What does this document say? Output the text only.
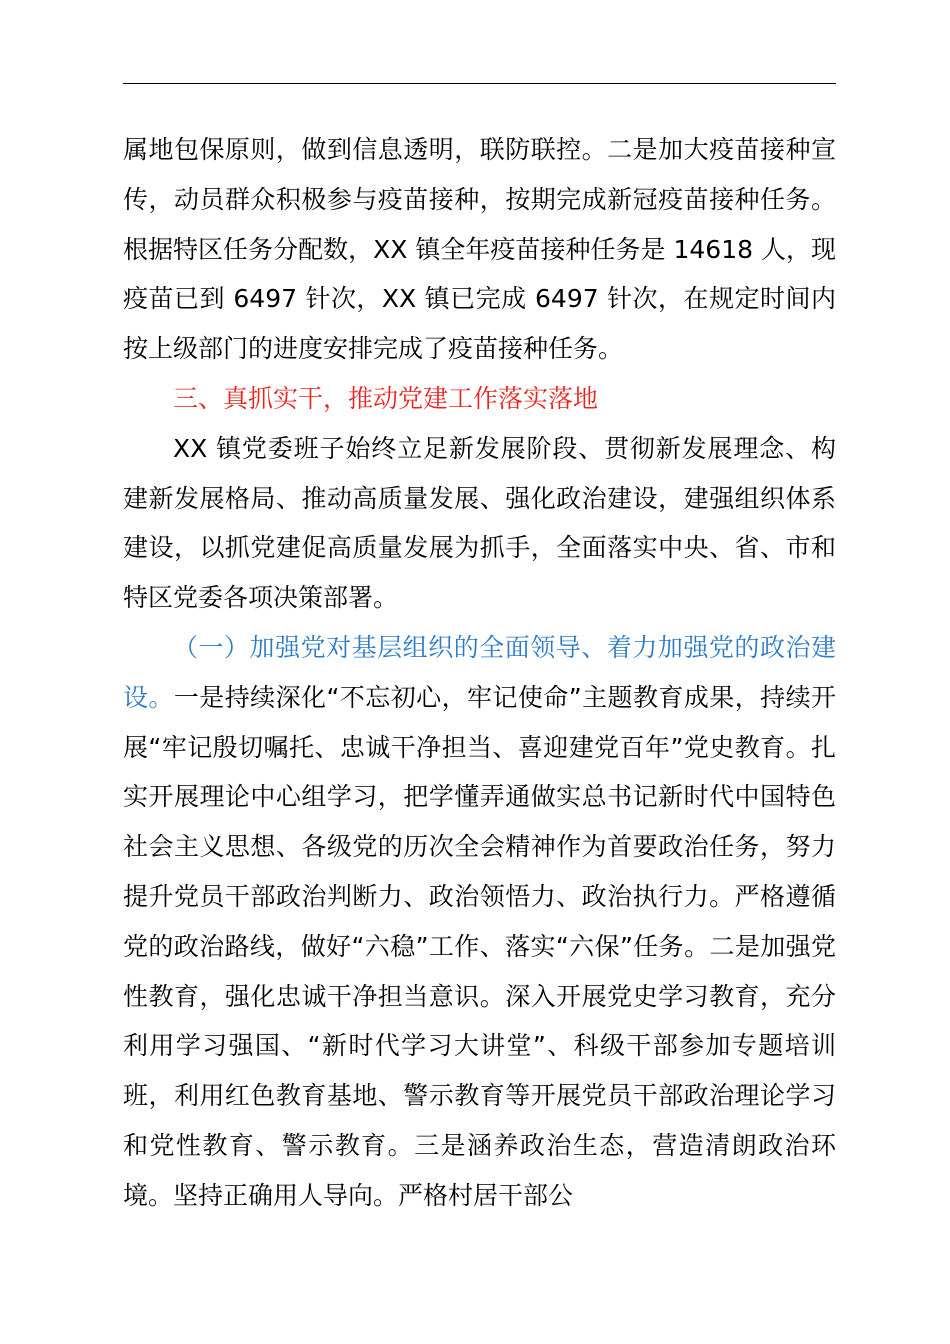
属地包保原则，做到信息透明，联防联控。二是加大疫苗接种宣传，动员群众积极参与疫苗接种，按期完成新冠疫苗接种任务。根据特区任务分配数，XX 镇全年疫苗接种任务是 14618 人，现疫苗已到 6497 针次，XX 镇已完成 6497 针次，在规定时间内按上级部门的进度安排完成了疫苗接种任务。

三、真抓实干，推动党建工作落实落地

XX 镇党委班子始终立足新发展阶段、贯彻新发展理念、构建新发展格局、推动高质量发展、强化政治建设，建强组织体系建设，以抓党建促高质量发展为抓手，全面落实中央、省、市和特区党委各项决策部署。

（一）加强党对基层组织的全面领导、着力加强党的政治建设。一是持续深化“不忘初心，牢记使命”主题教育成果，持续开展“牢记殷切嘱托、忠诚干净担当、喜迎建党百年”党史教育。扎实开展理论中心组学习，把学懂弄通做实总书记新时代中国特色社会主义思想、各级党的历次全会精神作为首要政治任务，努力提升党员干部政治判断力、政治领悟力、政治执行力。严格遵循党的政治路线，做好“六稳”工作、落实“六保”任务。二是加强党性教育，强化忠诚干净担当意识。深入开展党史学习教育，充分利用学习强国、“新时代学习大讲堂”、科级干部参加专题培训班，利用红色教育基地、警示教育等开展党员干部政治理论学习和党性教育、警示教育。三是涵养政治生态，营造清朗政治环境。坚持正确用人导向。严格村居干部公
